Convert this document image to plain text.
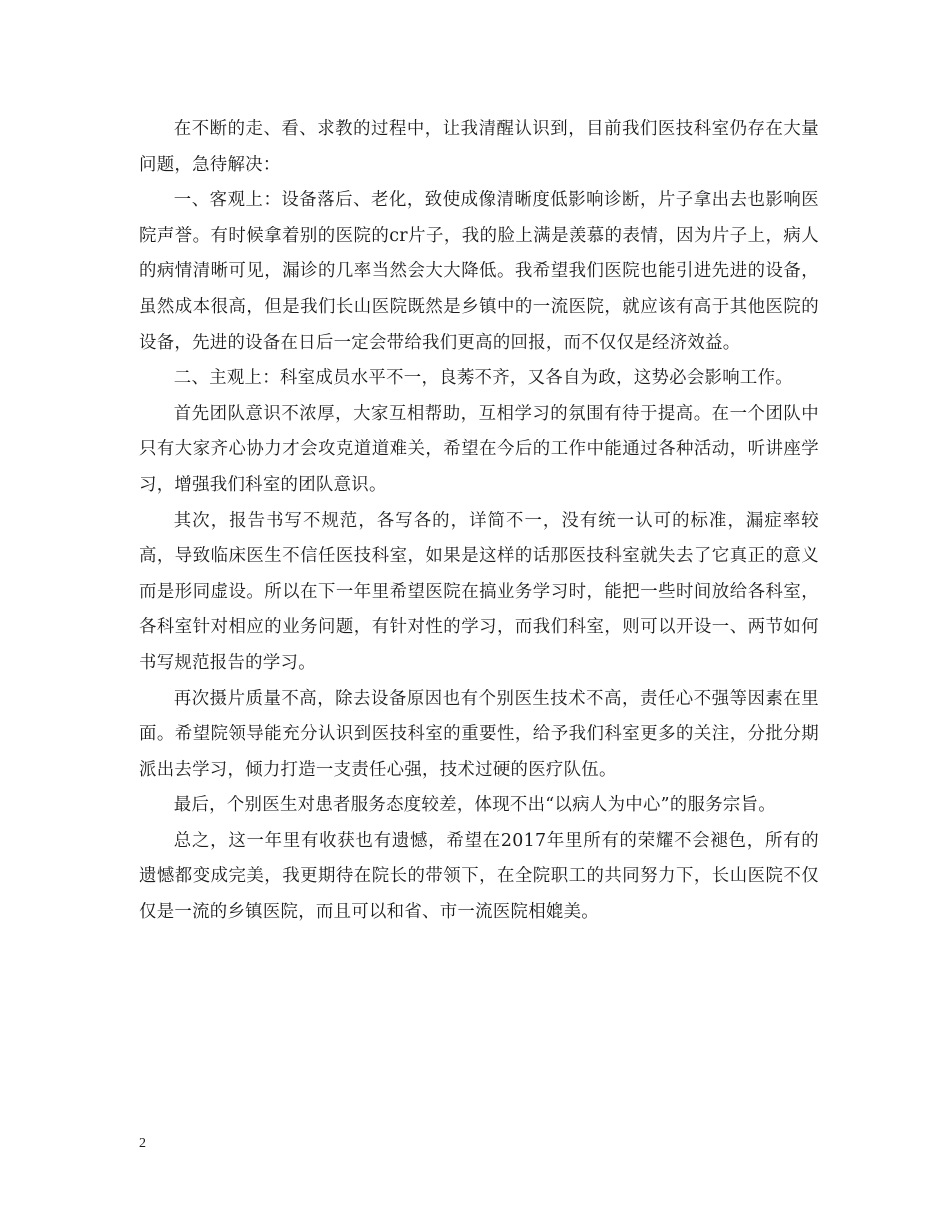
在不断的走、看、求教的过程中，让我清醒认识到，目前我们医技科室仍存在大量问题，急待解决：

一、客观上：设备落后、老化，致使成像清晰度低影响诊断，片子拿出去也影响医院声誉。有时候拿着别的医院的cr片子，我的脸上满是羡慕的表情，因为片子上，病人的病情清晰可见，漏诊的几率当然会大大降低。我希望我们医院也能引进先进的设备，虽然成本很高，但是我们长山医院既然是乡镇中的一流医院，就应该有高于其他医院的设备，先进的设备在日后一定会带给我们更高的回报，而不仅仅是经济效益。

二、主观上：科室成员水平不一，良莠不齐，又各自为政，这势必会影响工作。

首先团队意识不浓厚，大家互相帮助，互相学习的氛围有待于提高。在一个团队中只有大家齐心协力才会攻克道道难关，希望在今后的工作中能通过各种活动，听讲座学习，增强我们科室的团队意识。

其次，报告书写不规范，各写各的，详简不一，没有统一认可的标准，漏症率较高，导致临床医生不信任医技科室，如果是这样的话那医技科室就失去了它真正的意义而是形同虚设。所以在下一年里希望医院在搞业务学习时，能把一些时间放给各科室，各科室针对相应的业务问题，有针对性的学习，而我们科室，则可以开设一、两节如何书写规范报告的学习。

再次摄片质量不高，除去设备原因也有个别医生技术不高，责任心不强等因素在里面。希望院领导能充分认识到医技科室的重要性，给予我们科室更多的关注，分批分期派出去学习，倾力打造一支责任心强，技术过硬的医疗队伍。

最后，个别医生对患者服务态度较差，体现不出“以病人为中心”的服务宗旨。

总之，这一年里有收获也有遗憾，希望在2017年里所有的荣耀不会褪色，所有的遗憾都变成完美，我更期待在院长的带领下，在全院职工的共同努力下，长山医院不仅仅是一流的乡镇医院，而且可以和省、市一流医院相媲美。

2
